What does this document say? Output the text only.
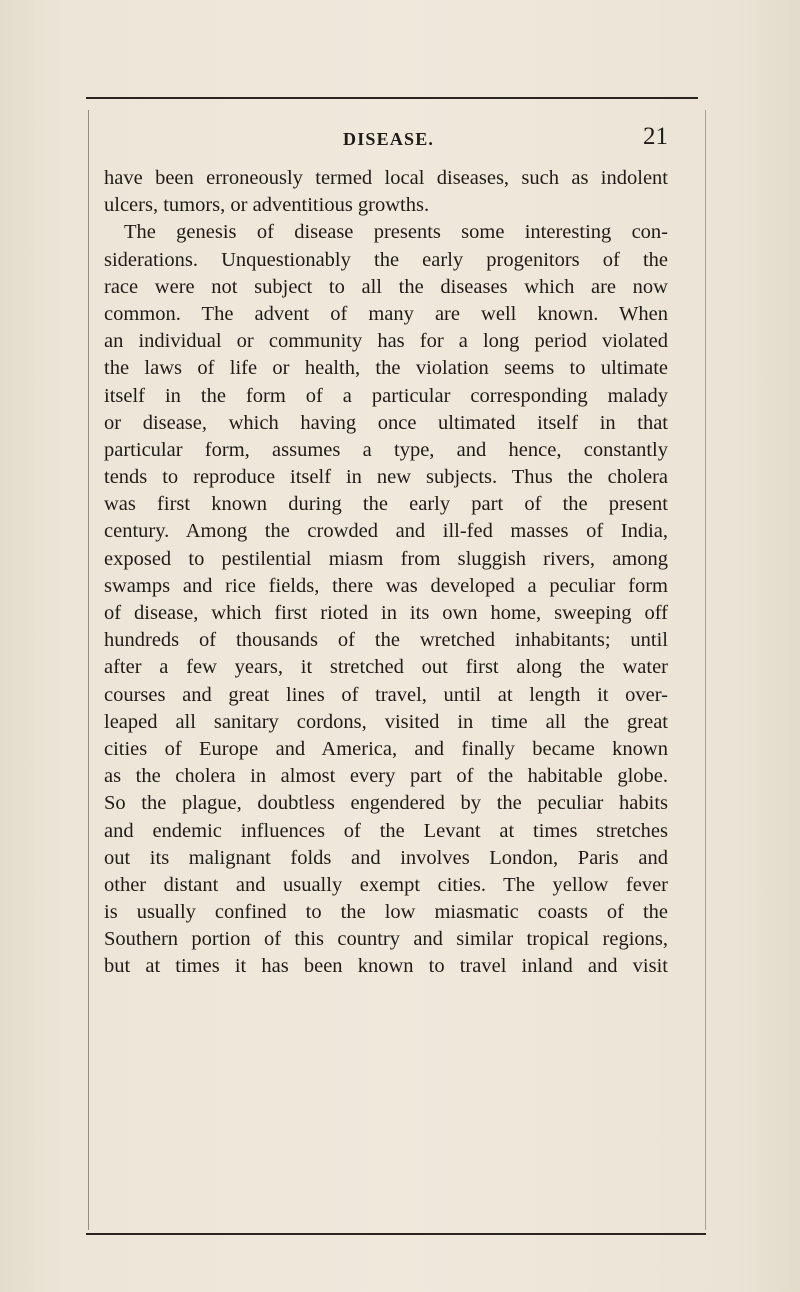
DISEASE.	21
have been erroneously termed local diseases, such as indolent
ulcers, tumors, or adventitious growths.
The genesis of disease presents some interesting con-
siderations. Unquestionably the early progenitors of the
race were not subject to all the diseases which are now
common. The advent of many are well known. When
an individual or community has for a long period violated
the laws of life or health, the violation seems to ultimate
itself in the form of a particular corresponding malady
or disease, which having once ultimated itself in that
particular form, assumes a type, and hence, constantly
tends to reproduce itself in new subjects. Thus the cholera
was first known during the early part of the present
century. Among the crowded and ill-fed masses of India,
exposed to pestilential miasm from sluggish rivers, among
swamps and rice fields, there was developed a peculiar form
of disease, which first rioted in its own home, sweeping off
hundreds of thousands of the wretched inhabitants; until
after a few years, it stretched out first along the water
courses and great lines of travel, until at length it over-
leaped all sanitary cordons, visited in time all the great
cities of Europe and America, and finally became known
as the cholera in almost every part of the habitable globe.
So the plague, doubtless engendered by the peculiar habits
and endemic influences of the Levant at times stretches
out its malignant folds and involves London, Paris and
other distant and usually exempt cities. The yellow fever
is usually confined to the low miasmatic coasts of the
Southern portion of this country and similar tropical regions,
but at times it has been known to travel inland and visit
